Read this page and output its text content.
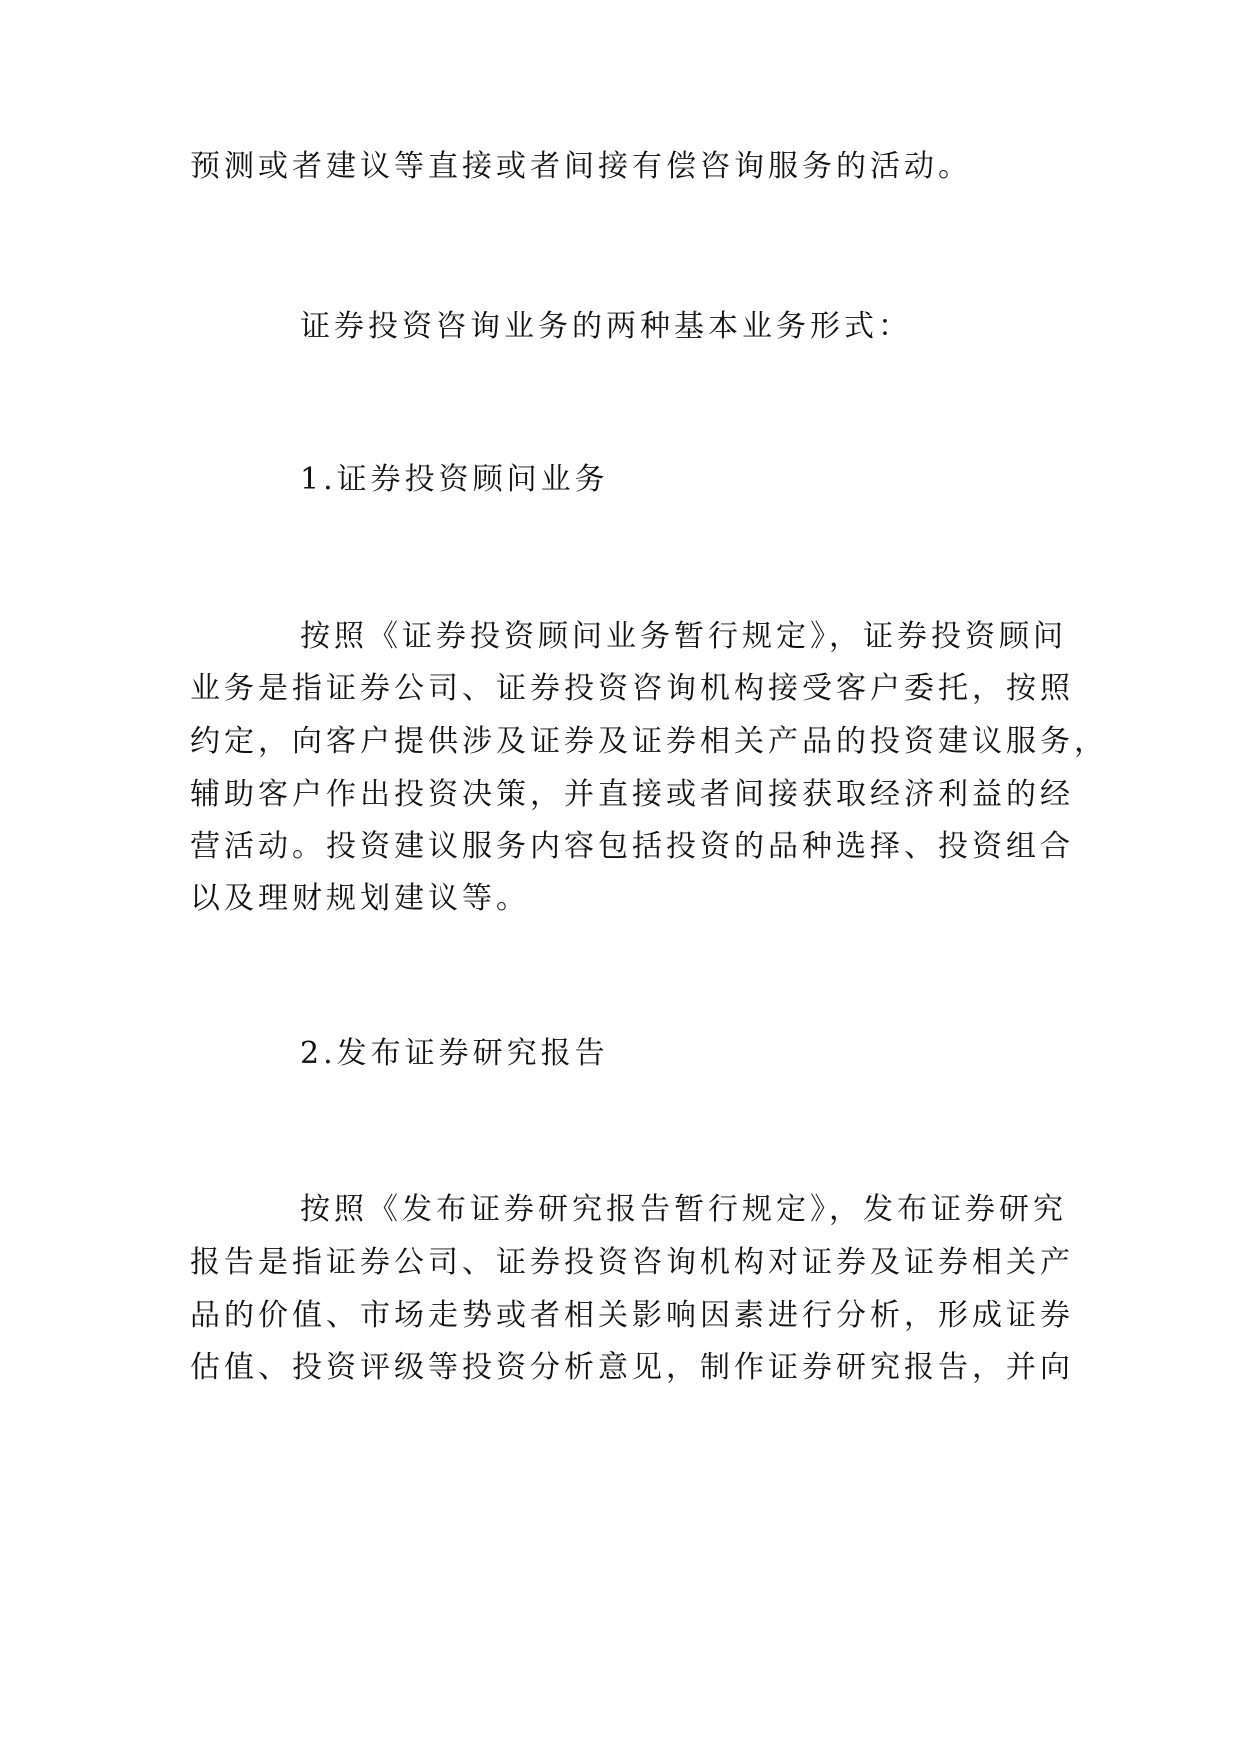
预测或者建议等直接或者间接有偿咨询服务的活动。

证券投资咨询业务的两种基本业务形式：

1.证券投资顾问业务

按照《证券投资顾问业务暂行规定》，证券投资顾问

业务是指证券公司、证券投资咨询机构接受客户委托，按照

约定，向客户提供涉及证券及证券相关产品的投资建议服务，

辅助客户作出投资决策，并直接或者间接获取经济利益的经

营活动。投资建议服务内容包括投资的品种选择、投资组合

以及理财规划建议等。

2.发布证券研究报告

按照《发布证券研究报告暂行规定》，发布证券研究

报告是指证券公司、证券投资咨询机构对证券及证券相关产

品的价值、市场走势或者相关影响因素进行分析，形成证券

估值、投资评级等投资分析意见，制作证券研究报告，并向
